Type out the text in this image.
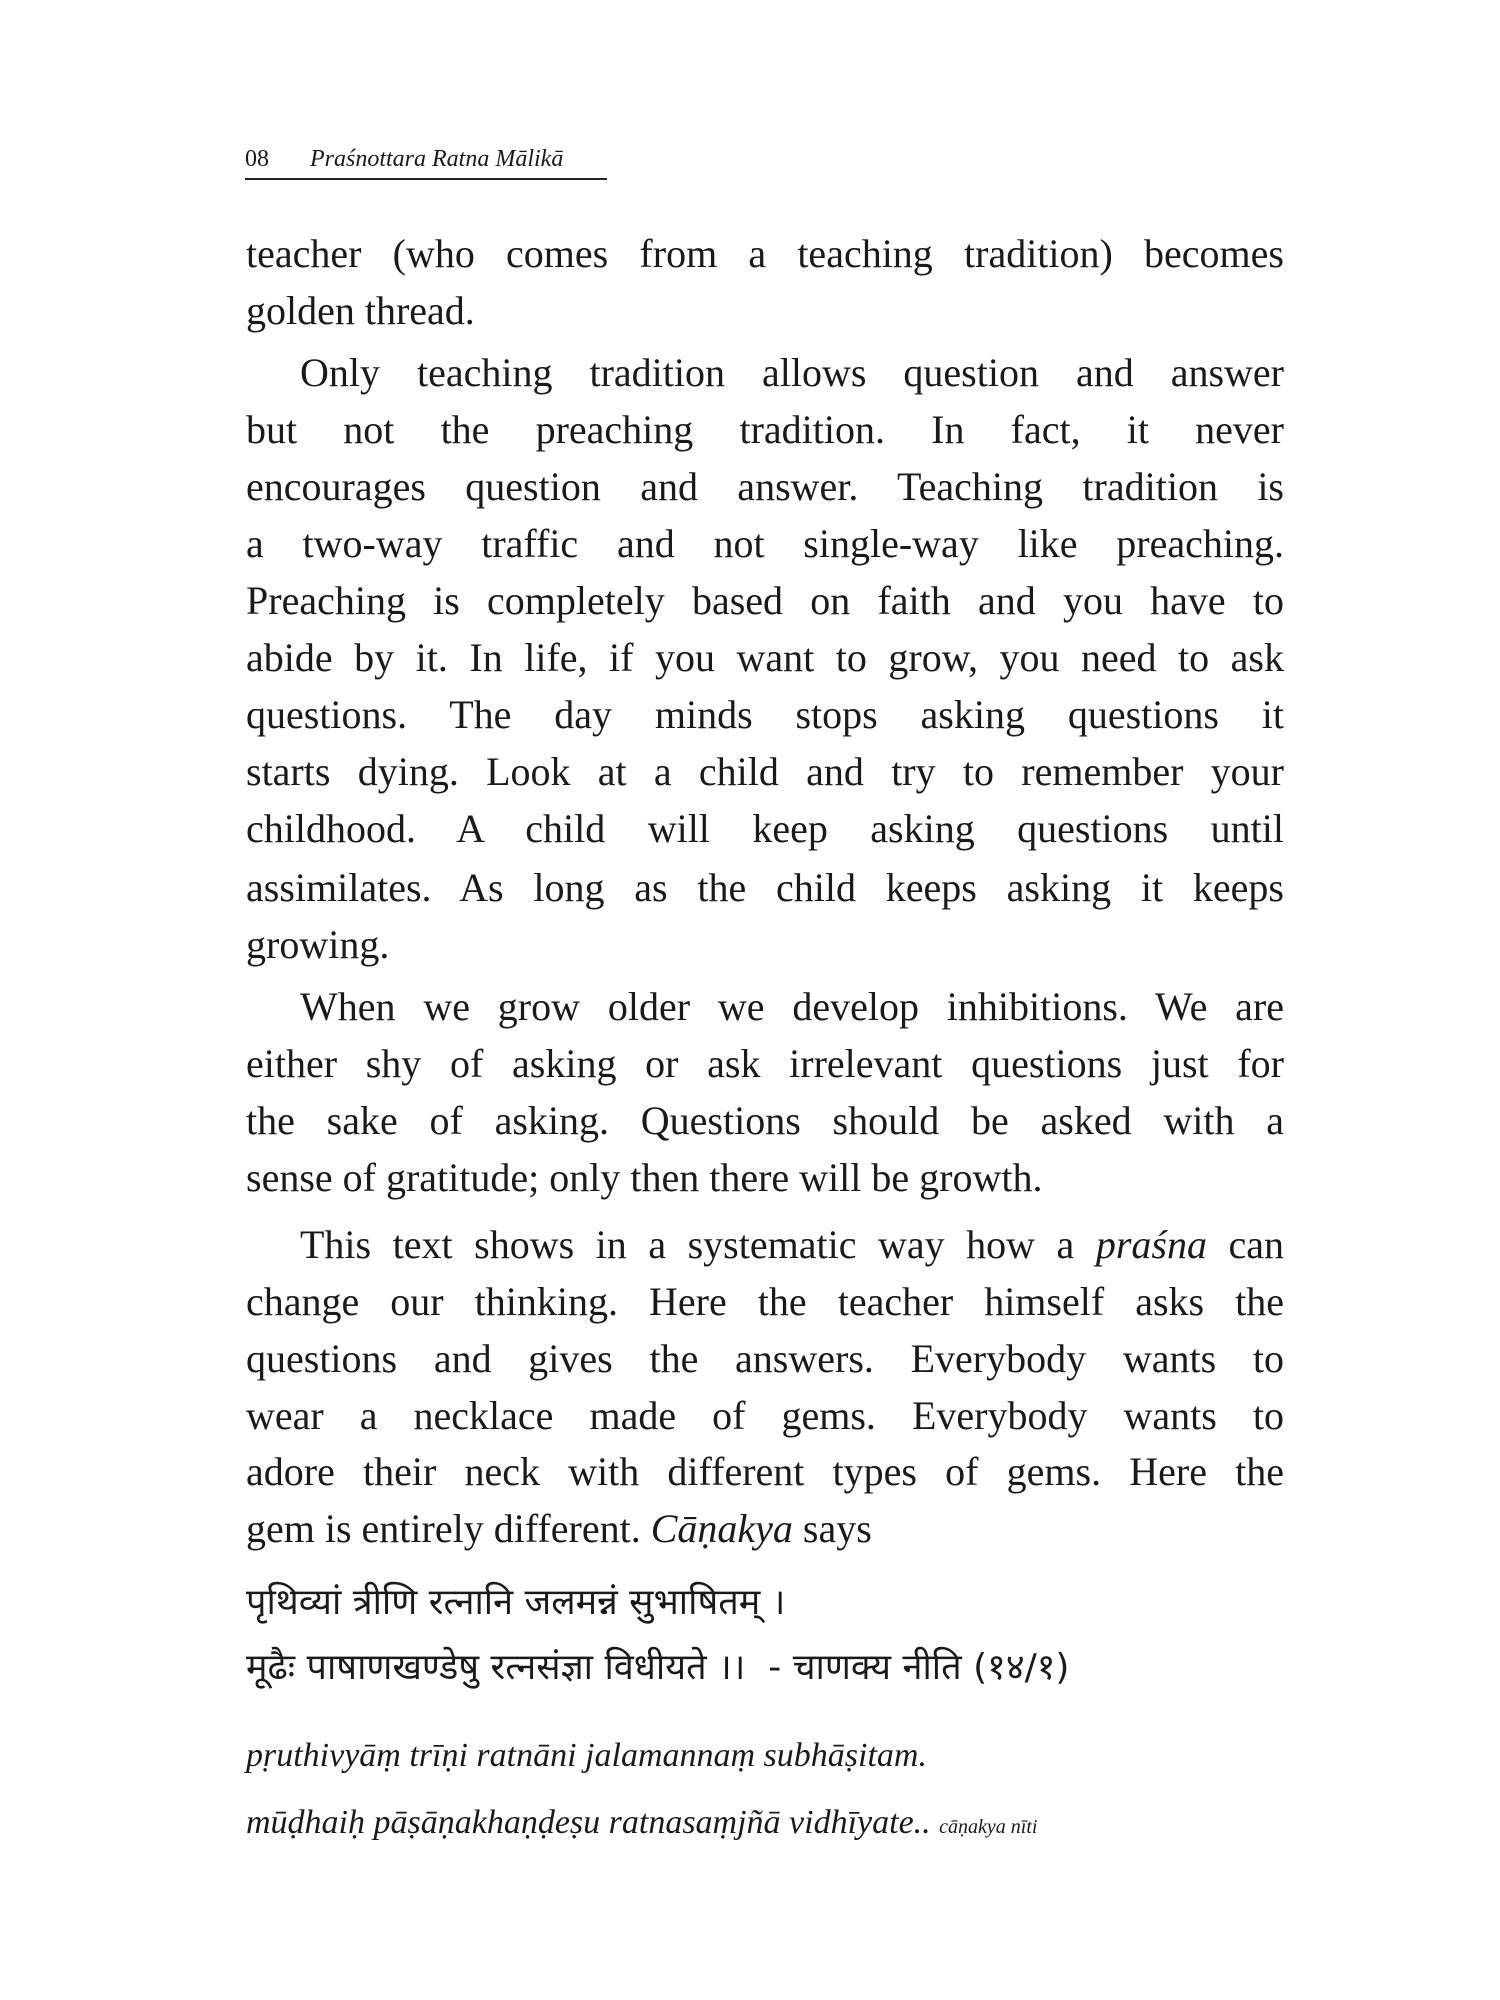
08 Praśnottara Ratna Mālikā
teacher (who comes from a teaching tradition) becomes
golden thread.
Only teaching tradition allows question and answer
but not the preaching tradition. In fact, it never
encourages question and answer. Teaching tradition is
a two-way traffic and not single-way like preaching.
Preaching is completely based on faith and you have to
abide by it. In life, if you want to grow, you need to ask
questions. The day minds stops asking questions it
starts dying. Look at a child and try to remember your
childhood. A child will keep asking questions until
assimilates. As long as the child keeps asking it keeps
growing.
When we grow older we develop inhibitions. We are
either shy of asking or ask irrelevant questions just for
the sake of asking. Questions should be asked with a
sense of gratitude; only then there will be growth.
This text shows in a systematic way how a praśna can
change our thinking. Here the teacher himself asks the
questions and gives the answers. Everybody wants to
wear a necklace made of gems. Everybody wants to
adore their neck with different types of gems. Here the
gem is entirely different. Cāṇakya says
पृथिव्यां त्रीणि रत्नानि जलमन्नं सुभाषितम् ।
मूढैः पाषाणखण्डेषु रत्नसंज्ञा विधीयते ।। - चाणक्य नीति (१४/१)
pṛuthivyāṃ trīṇi ratnāni jalamannaṃ subhāṣitam.
mūḍhaiḥ pāṣāṇakhaṇḍeṣu ratnasaṃjñā vidhīyate.. cāṇakya nīti
